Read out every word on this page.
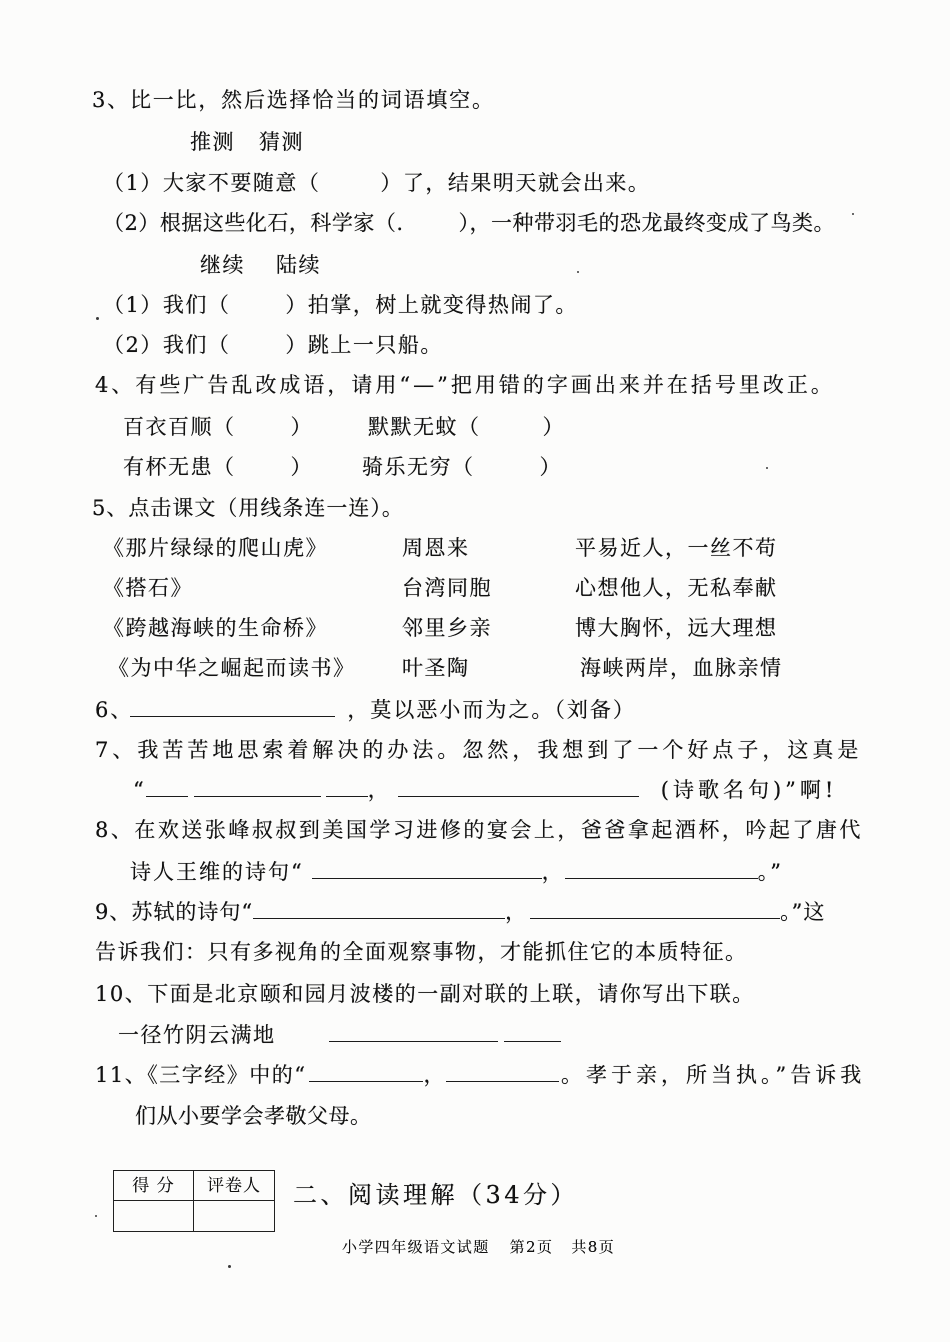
3、比一比，然后选择恰当的词语填空。
推测 猜测
（1）大家不要随意（	）了，结果明天就会出来。
（2）根据这些化石，科学家（.	），一种带羽毛的恐龙最终变成了鸟类。
继续 陆续
（1）我们（	）拍掌，树上就变得热闹了。
（2）我们（	）跳上一只船。
4、有些广告乱改成语，请用“—”把用错的字画出来并在括号里改正。
百衣百顺（	）	默默无蚊（	）
有杯无患（	） 骑乐无穷（	）
5、点击课文（用线条连一连）。
《那片绿绿的爬山虎》	周恩来	平易近人，一丝不苟
《搭石》	台湾同胞	心想他人，无私奉献
《跨越海峡的生命桥》	邻里乡亲	博大胸怀，远大理想
《为中华之崛起而读书》 叶圣陶	海峡两岸，血脉亲情
6、	，莫以恶小而为之。（刘备）
7、我苦苦地思索着解决的办法。忽然，我想到了一个好点子，这真是
“	，	(诗歌名句)”啊!
8、在欢送张峰叔叔到美国学习进修的宴会上，爸爸拿起酒杯，吟起了唐代
诗人王维的诗句“	，	。”
9、苏轼的诗句“	，	。”这
告诉我们：只有多视角的全面观察事物，才能抓住它的本质特征。
10、下面是北京颐和园月波楼的一副对联的上联，请你写出下联。
一径竹阴云满地
11、《三字经》中的“	，	。孝于亲，所当执。”告诉我
们从小要学会孝敬父母。
得 分	评卷人	二、阅读理解（34分）
小学四年级语文试题 第2页 共8页
